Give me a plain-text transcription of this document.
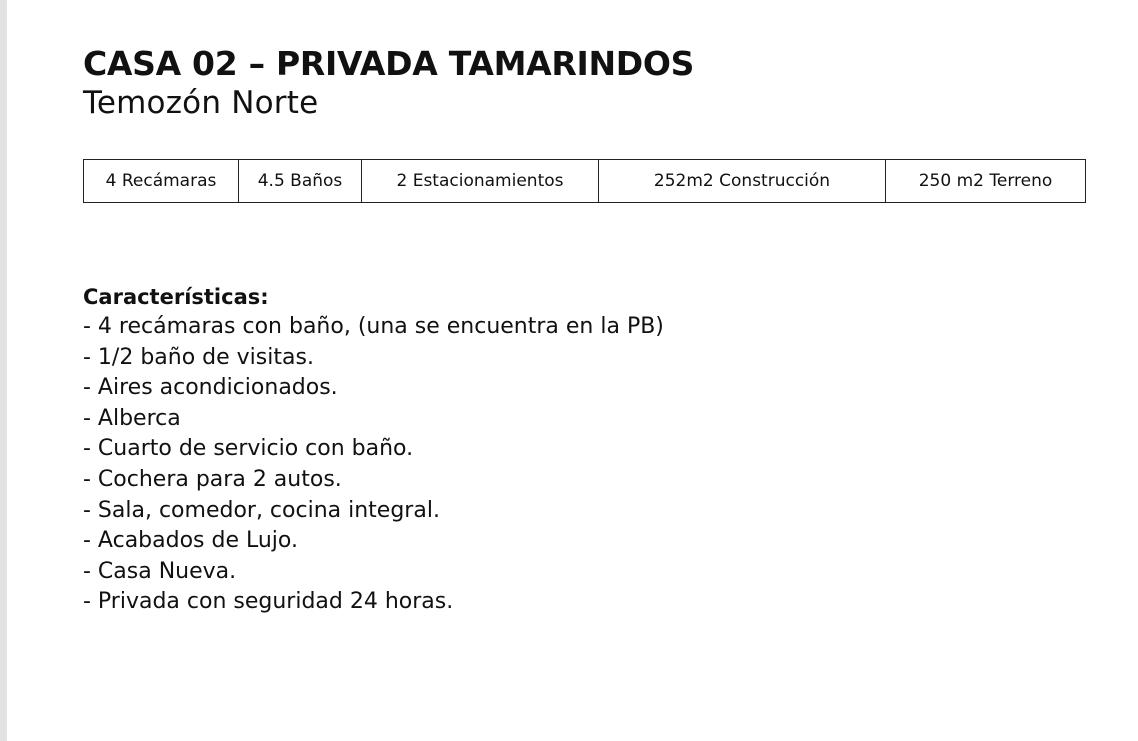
CASA 02 – PRIVADA TAMARINDOS
Temozón Norte
4 Recámaras	4.5 Baños	2 Estacionamientos	252m2 Construcción	250 m2 Terreno
Características:
- 4 recámaras con baño, (una se encuentra en la PB)
- 1/2 baño de visitas.
- Aires acondicionados.
- Alberca
- Cuarto de servicio con baño.
- Cochera para 2 autos.
- Sala, comedor, cocina integral.
- Acabados de Lujo.
- Casa Nueva.
- Privada con seguridad 24 horas.
